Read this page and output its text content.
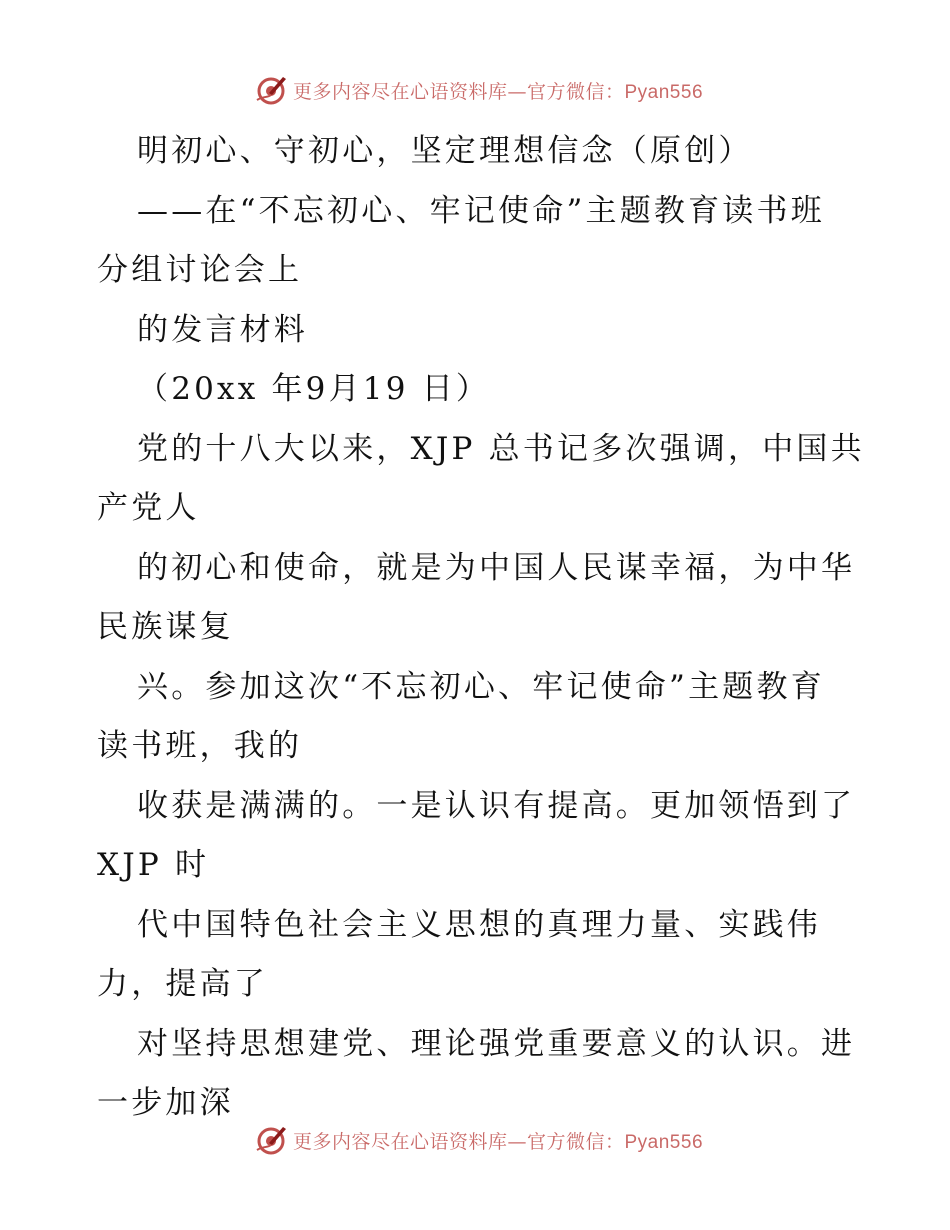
更多内容尽在心语资料库—官方微信：Pyan556
明初心、守初心，坚定理想信念（原创）
——在“不忘初心、牢记使命”主题教育读书班
分组讨论会上
的发言材料
（20xx 年9月19 日）
党的十八大以来，XJP 总书记多次强调，中国共
产党人
的初心和使命，就是为中国人民谋幸福，为中华
民族谋复
兴。参加这次“不忘初心、牢记使命”主题教育
读书班，我的
收获是满满的。一是认识有提高。更加领悟到了
XJP 时
代中国特色社会主义思想的真理力量、实践伟
力，提高了
对坚持思想建党、理论强党重要意义的认识。进
一步加深
更多内容尽在心语资料库—官方微信：Pyan556
